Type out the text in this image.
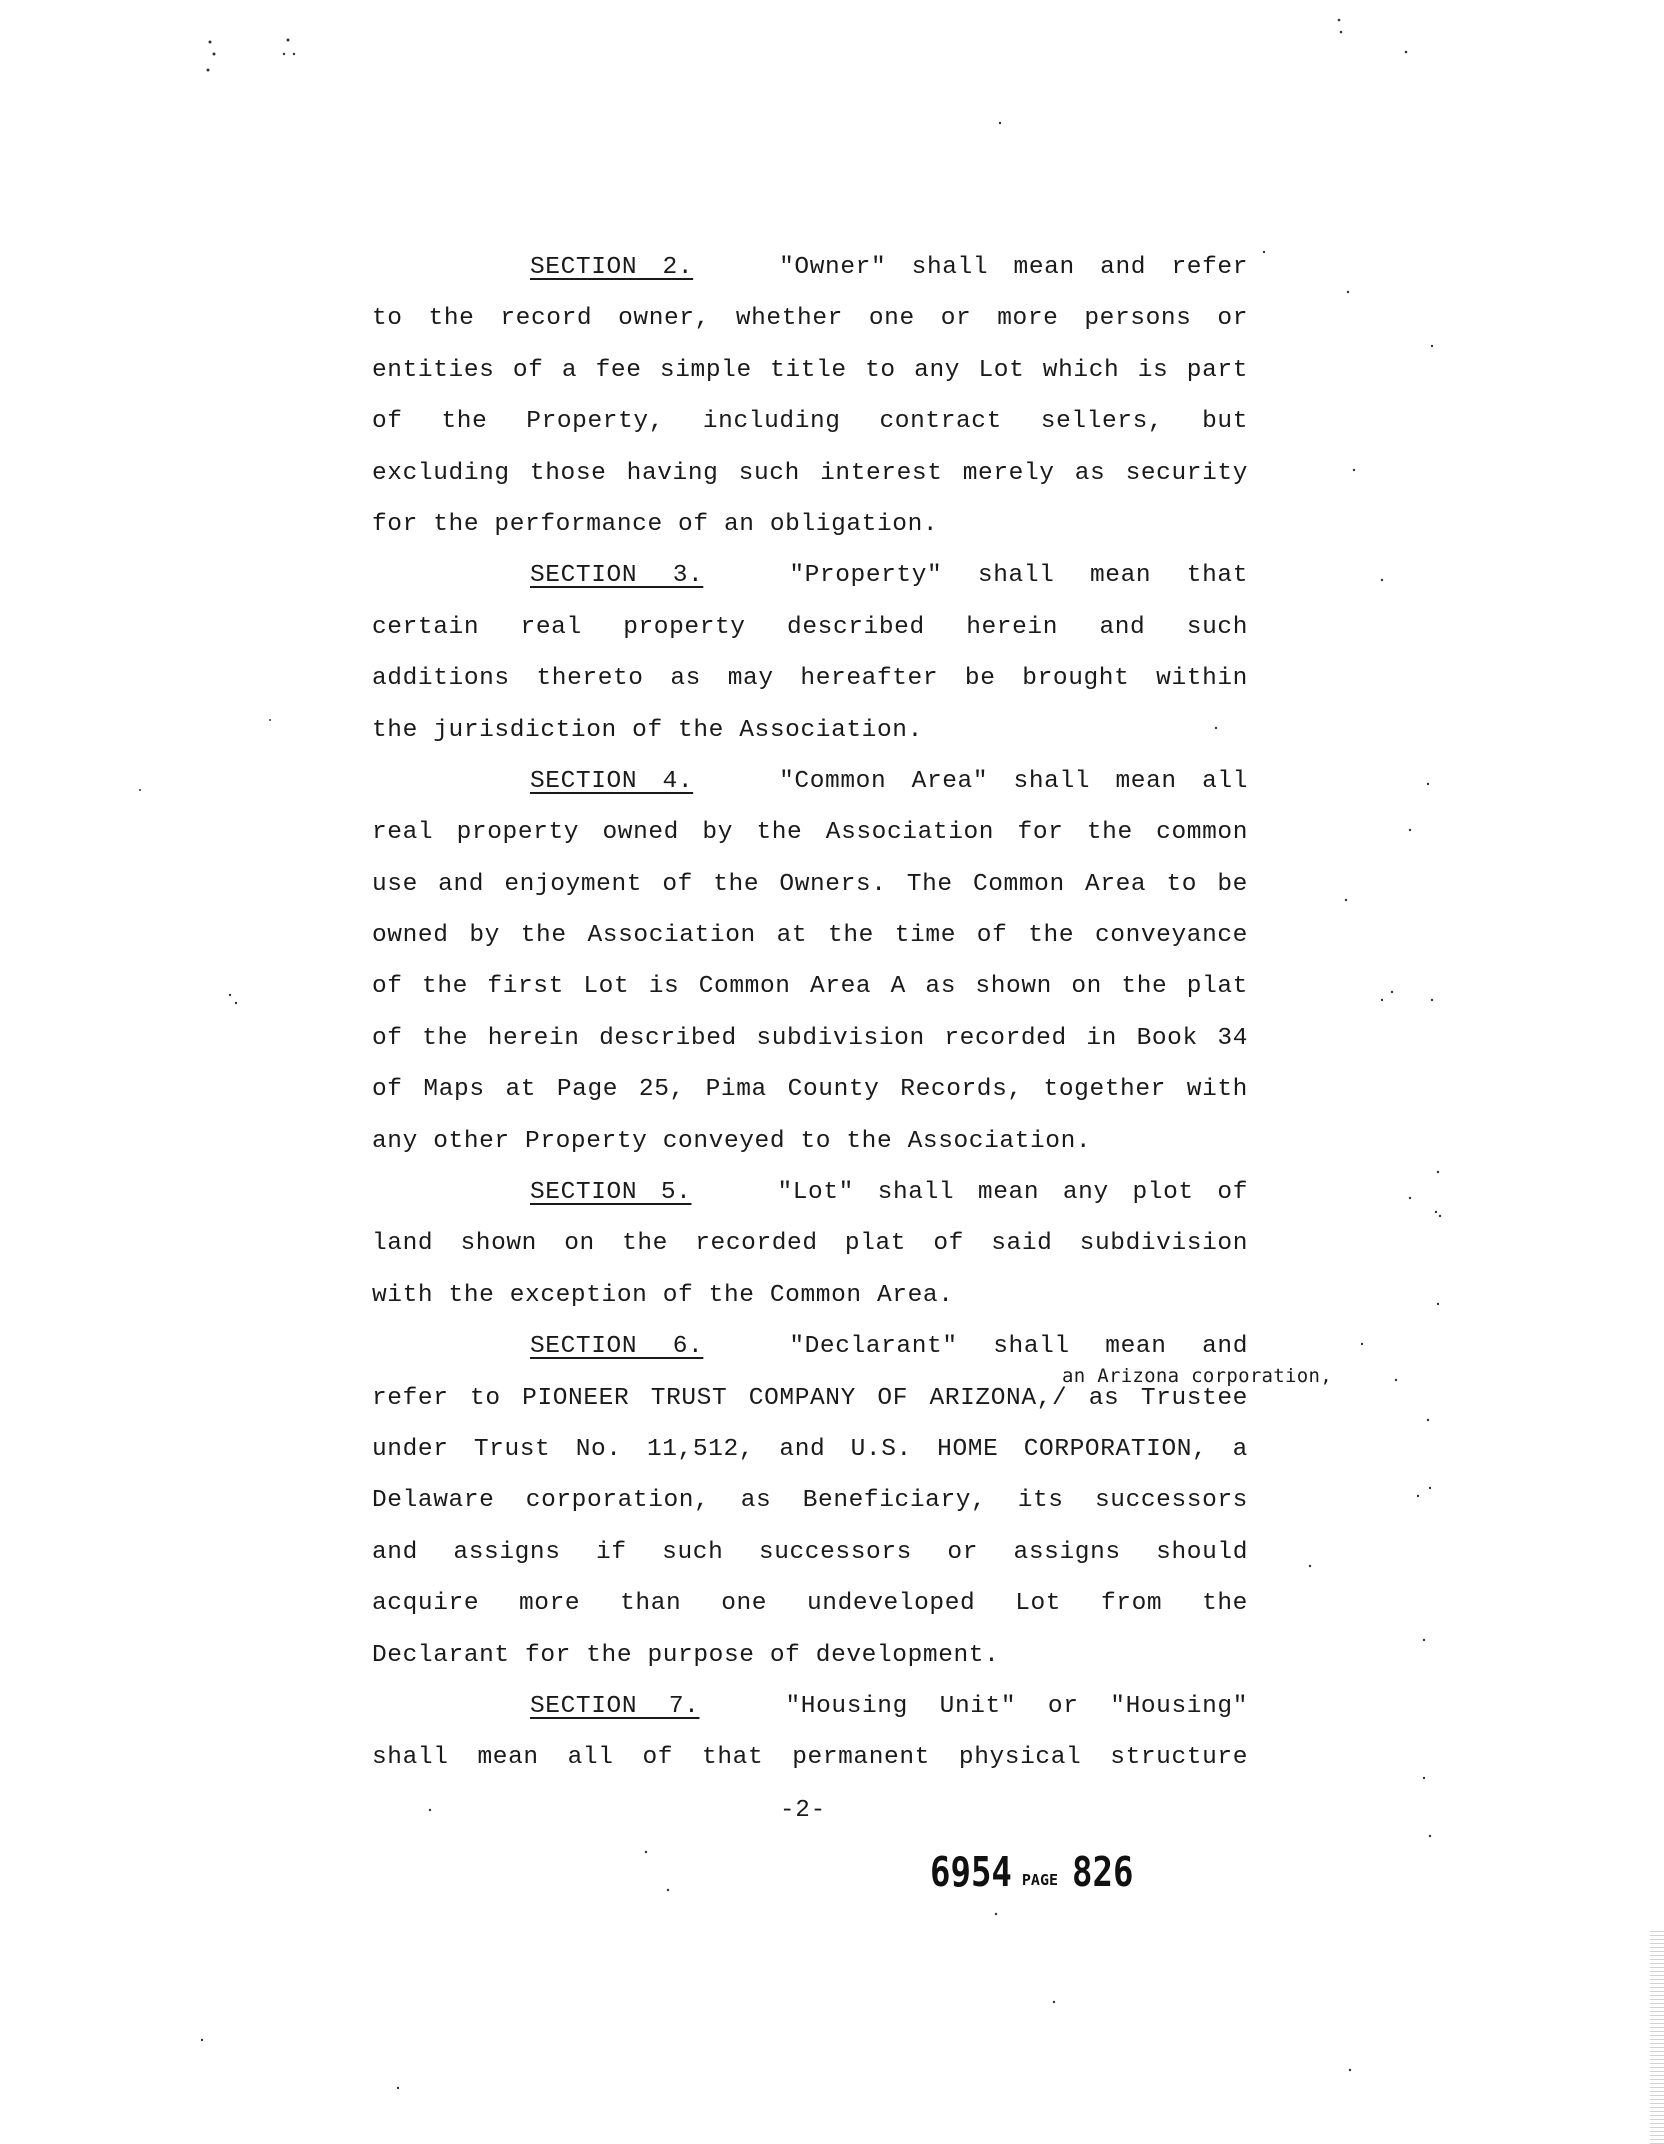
SECTION 2.	"Owner" shall mean and refer
to the record owner, whether one or more persons or
entities of a fee simple title to any Lot which is part
of the Property, including contract sellers, but
excluding those having such interest merely as security
for the performance of an obligation.
SECTION 3.	"Property" shall mean that
certain real property described herein and such
additions thereto as may hereafter be brought within
the jurisdiction of the Association.
SECTION 4.	"Common Area" shall mean all
real property owned by the Association for the common
use and enjoyment of the Owners. The Common Area to be
owned by the Association at the time of the conveyance
of the first Lot is Common Area A as shown on the plat
of the herein described subdivision recorded in Book 34
of Maps at Page 25, Pima County Records, together with
any other Property conveyed to the Association.
SECTION 5.	"Lot" shall mean any plot of
land shown on the recorded plat of said subdivision
with the exception of the Common Area.
SECTION 6.	"Declarant" shall mean and
refer to PIONEER TRUST COMPANY OF ARIZONA,/ as Trustee
under Trust No. 11,512, and U.S. HOME CORPORATION, a
Delaware corporation, as Beneficiary, its successors
and assigns if such successors or assigns should
acquire more than one undeveloped Lot from the
Declarant for the purpose of development.
SECTION 7.	"Housing Unit" or "Housing"
shall mean all of that permanent physical structure
an Arizona corporation,
-2-
6954 PAGE 826
